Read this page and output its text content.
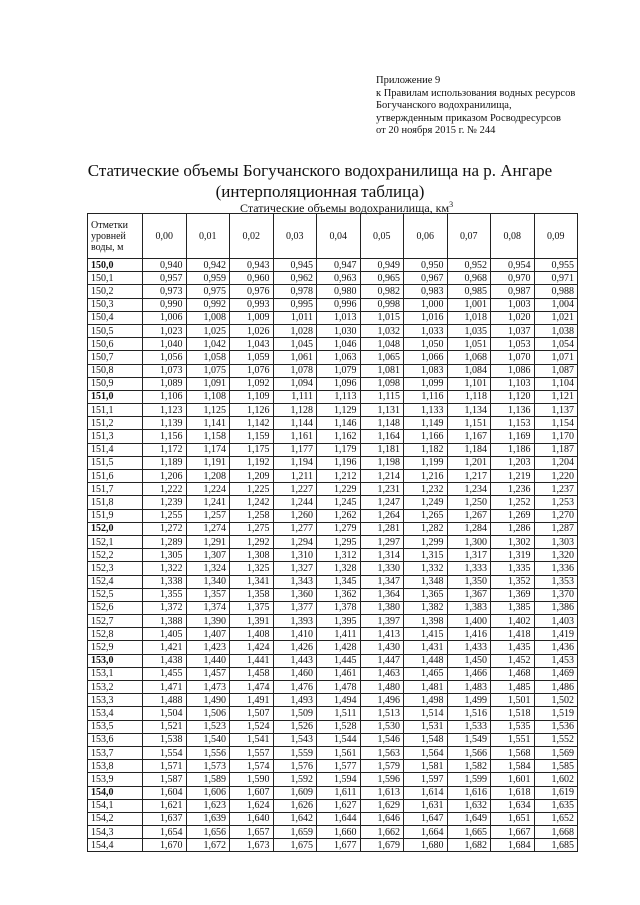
Приложение 9
к Правилам использования водных ресурсов
Богучанского водохранилища,
утвержденным приказом Росводресурсов
от 20 ноября 2015 г. № 244
Статические объемы Богучанского водохранилища на р. Ангаре
(интерполяционная таблица)
Статические объемы водохранилища, $км^3$
Отметки
уровней
воды, м	0,00	0,01	0,02	0,03	0,04	0,05	0,06	0,07	0,08	0,09
150,0	0,940	0,942	0,943	0,945	0,947	0,949	0,950	0,952	0,954	0,955
150,1	0,957	0,959	0,960	0,962	0,963	0,965	0,967	0,968	0,970	0,971
150,2	0,973	0,975	0,976	0,978	0,980	0,982	0,983	0,985	0,987	0,988
150,3	0,990	0,992	0,993	0,995	0,996	0,998	1,000	1,001	1,003	1,004
150,4	1,006	1,008	1,009	1,011	1,013	1,015	1,016	1,018	1,020	1,021
150,5	1,023	1,025	1,026	1,028	1,030	1,032	1,033	1,035	1,037	1,038
150,6	1,040	1,042	1,043	1,045	1,046	1,048	1,050	1,051	1,053	1,054
150,7	1,056	1,058	1,059	1,061	1,063	1,065	1,066	1,068	1,070	1,071
150,8	1,073	1,075	1,076	1,078	1,079	1,081	1,083	1,084	1,086	1,087
150,9	1,089	1,091	1,092	1,094	1,096	1,098	1,099	1,101	1,103	1,104
151,0	1,106	1,108	1,109	1,111	1,113	1,115	1,116	1,118	1,120	1,121
151,1	1,123	1,125	1,126	1,128	1,129	1,131	1,133	1,134	1,136	1,137
151,2	1,139	1,141	1,142	1,144	1,146	1,148	1,149	1,151	1,153	1,154
151,3	1,156	1,158	1,159	1,161	1,162	1,164	1,166	1,167	1,169	1,170
151,4	1,172	1,174	1,175	1,177	1,179	1,181	1,182	1,184	1,186	1,187
151,5	1,189	1,191	1,192	1,194	1,196	1,198	1,199	1,201	1,203	1,204
151,6	1,206	1,208	1,209	1,211	1,212	1,214	1,216	1,217	1,219	1,220
151,7	1,222	1,224	1,225	1,227	1,229	1,231	1,232	1,234	1,236	1,237
151,8	1,239	1,241	1,242	1,244	1,245	1,247	1,249	1,250	1,252	1,253
151,9	1,255	1,257	1,258	1,260	1,262	1,264	1,265	1,267	1,269	1,270
152,0	1,272	1,274	1,275	1,277	1,279	1,281	1,282	1,284	1,286	1,287
152,1	1,289	1,291	1,292	1,294	1,295	1,297	1,299	1,300	1,302	1,303
152,2	1,305	1,307	1,308	1,310	1,312	1,314	1,315	1,317	1,319	1,320
152,3	1,322	1,324	1,325	1,327	1,328	1,330	1,332	1,333	1,335	1,336
152,4	1,338	1,340	1,341	1,343	1,345	1,347	1,348	1,350	1,352	1,353
152,5	1,355	1,357	1,358	1,360	1,362	1,364	1,365	1,367	1,369	1,370
152,6	1,372	1,374	1,375	1,377	1,378	1,380	1,382	1,383	1,385	1,386
152,7	1,388	1,390	1,391	1,393	1,395	1,397	1,398	1,400	1,402	1,403
152,8	1,405	1,407	1,408	1,410	1,411	1,413	1,415	1,416	1,418	1,419
152,9	1,421	1,423	1,424	1,426	1,428	1,430	1,431	1,433	1,435	1,436
153,0	1,438	1,440	1,441	1,443	1,445	1,447	1,448	1,450	1,452	1,453
153,1	1,455	1,457	1,458	1,460	1,461	1,463	1,465	1,466	1,468	1,469
153,2	1,471	1,473	1,474	1,476	1,478	1,480	1,481	1,483	1,485	1,486
153,3	1,488	1,490	1,491	1,493	1,494	1,496	1,498	1,499	1,501	1,502
153,4	1,504	1,506	1,507	1,509	1,511	1,513	1,514	1,516	1,518	1,519
153,5	1,521	1,523	1,524	1,526	1,528	1,530	1,531	1,533	1,535	1,536
153,6	1,538	1,540	1,541	1,543	1,544	1,546	1,548	1,549	1,551	1,552
153,7	1,554	1,556	1,557	1,559	1,561	1,563	1,564	1,566	1,568	1,569
153,8	1,571	1,573	1,574	1,576	1,577	1,579	1,581	1,582	1,584	1,585
153,9	1,587	1,589	1,590	1,592	1,594	1,596	1,597	1,599	1,601	1,602
154,0	1,604	1,606	1,607	1,609	1,611	1,613	1,614	1,616	1,618	1,619
154,1	1,621	1,623	1,624	1,626	1,627	1,629	1,631	1,632	1,634	1,635
154,2	1,637	1,639	1,640	1,642	1,644	1,646	1,647	1,649	1,651	1,652
154,3	1,654	1,656	1,657	1,659	1,660	1,662	1,664	1,665	1,667	1,668
154,4	1,670	1,672	1,673	1,675	1,677	1,679	1,680	1,682	1,684	1,685
